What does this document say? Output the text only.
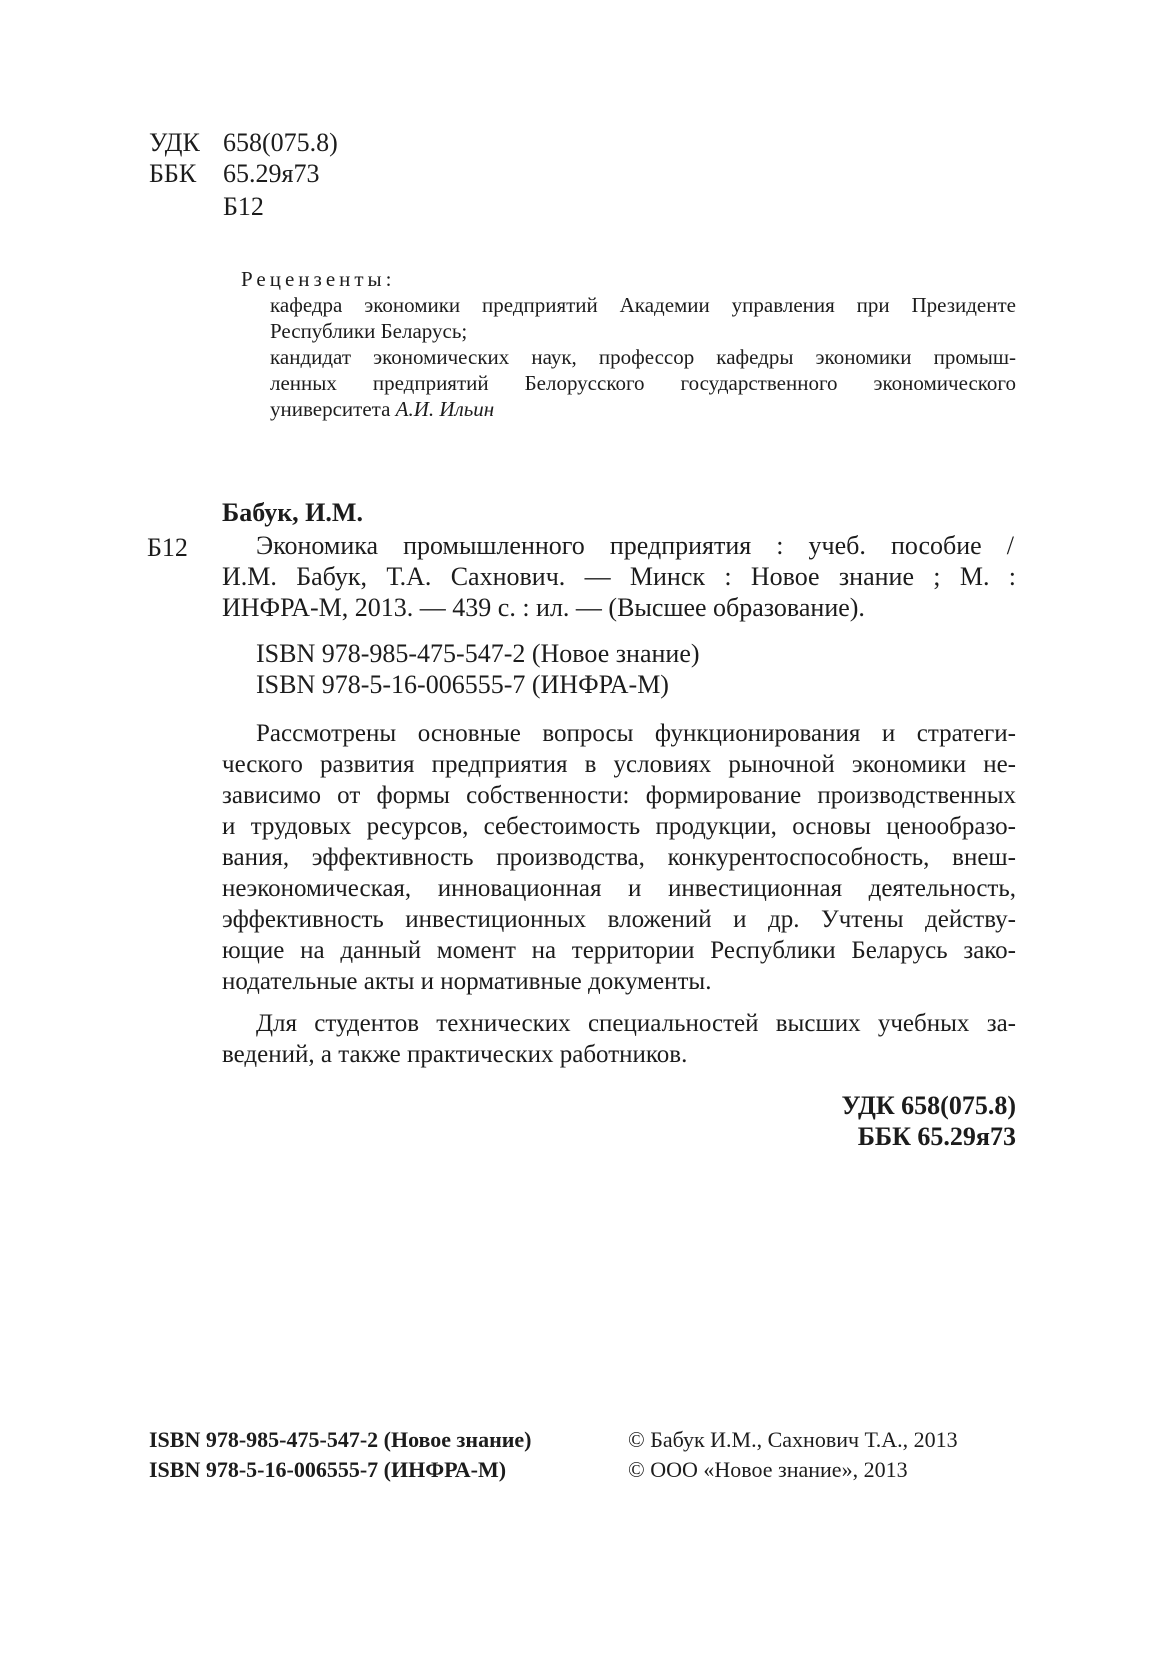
УДК 658(075.8)
ББК 65.29я73
Б12
Рецензенты:
кафедра экономики предприятий Академии управления при Президенте
Республики Беларусь;
кандидат экономических наук, профессор кафедры экономики промыш-
ленных предприятий Белорусского государственного экономического
университета А.И. Ильин
Бабук, И.М.
Б12	Экономика промышленного предприятия : учеб. пособие /
И.М. Бабук, Т.А. Сахнович. — Минск : Новое знание ; М. :
ИНФРА-М, 2013. — 439 с. : ил. — (Высшее образование).
ISBN 978-985-475-547-2 (Новое знание)
ISBN 978-5-16-006555-7 (ИНФРА-М)
Рассмотрены основные вопросы функционирования и стратеги-
ческого развития предприятия в условиях рыночной экономики не-
зависимо от формы собственности: формирование производственных
и трудовых ресурсов, себестоимость продукции, основы ценообразо-
вания, эффективность производства, конкурентоспособность, внеш-
неэкономическая, инновационная и инвестиционная деятельность,
эффективность инвестиционных вложений и др. Учтены действу-
ющие на данный момент на территории Республики Беларусь зако-
нодательные акты и нормативные документы.
Для студентов технических специальностей высших учебных за-
ведений, а также практических работников.
УДК 658(075.8)
ББК 65.29я73
ISBN 978-985-475-547-2 (Новое знание)
ISBN 978-5-16-006555-7 (ИНФРА-М)
© Бабук И.М., Сахнович Т.А., 2013
© ООО «Новое знание», 2013
